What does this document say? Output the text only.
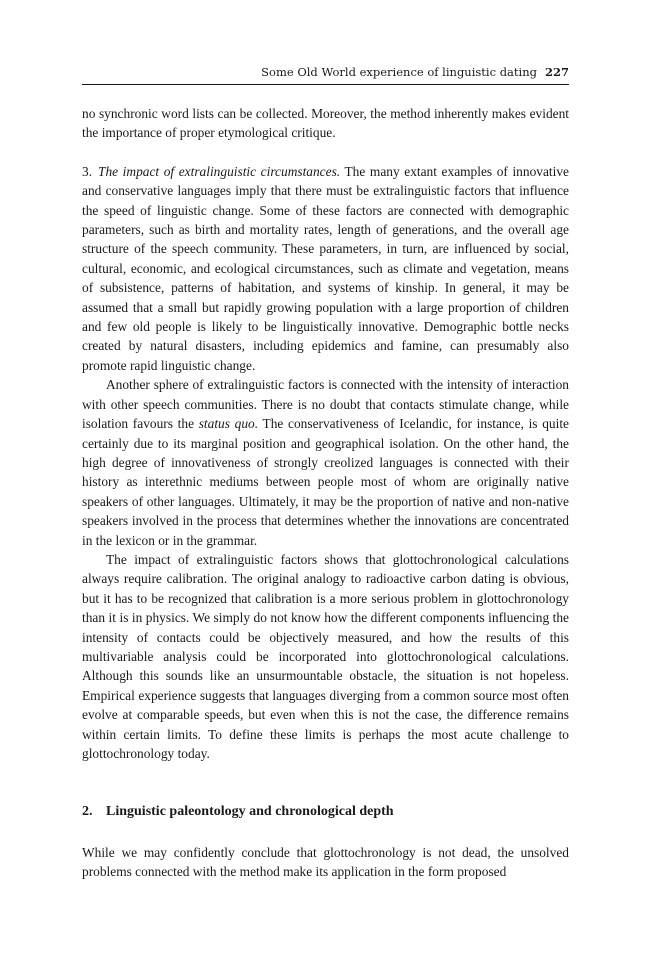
Some Old World experience of linguistic dating 227

no synchronic word lists can be collected. Moreover, the method inherently makes evident the importance of proper etymological critique.

3. The impact of extralinguistic circumstances. The many extant examples of innovative and conservative languages imply that there must be extralinguistic factors that influence the speed of linguistic change. Some of these factors are connected with demographic parameters, such as birth and mortality rates, length of generations, and the overall age structure of the speech community. These parameters, in turn, are influenced by social, cultural, economic, and ecological circumstances, such as climate and vegetation, means of subsistence, patterns of habitation, and systems of kinship. In general, it may be assumed that a small but rapidly growing population with a large proportion of children and few old people is likely to be linguistically innovative. Demographic bottle necks created by natural disasters, including epidemics and famine, can presumably also promote rapid linguistic change.

Another sphere of extralinguistic factors is connected with the intensity of interaction with other speech communities. There is no doubt that contacts stimulate change, while isolation favours the status quo. The conservativeness of Icelandic, for instance, is quite certainly due to its marginal position and geographical isolation. On the other hand, the high degree of innovativeness of strongly creolized languages is connected with their history as interethnic mediums between people most of whom are originally native speakers of other languages. Ultimately, it may be the proportion of native and non-native speakers involved in the process that determines whether the innovations are concentrated in the lexicon or in the grammar.

The impact of extralinguistic factors shows that glottochronological calculations always require calibration. The original analogy to radioactive carbon dating is obvious, but it has to be recognized that calibration is a more serious problem in glottochronology than it is in physics. We simply do not know how the different components influencing the intensity of contacts could be objectively measured, and how the results of this multivariable analysis could be incorporated into glottochronological calculations. Although this sounds like an unsurmountable obstacle, the situation is not hopeless. Empirical experience suggests that languages diverging from a common source most often evolve at comparable speeds, but even when this is not the case, the difference remains within certain limits. To define these limits is perhaps the most acute challenge to glottochronology today.

2. Linguistic paleontology and chronological depth

While we may confidently conclude that glottochronology is not dead, the unsolved problems connected with the method make its application in the form proposed
